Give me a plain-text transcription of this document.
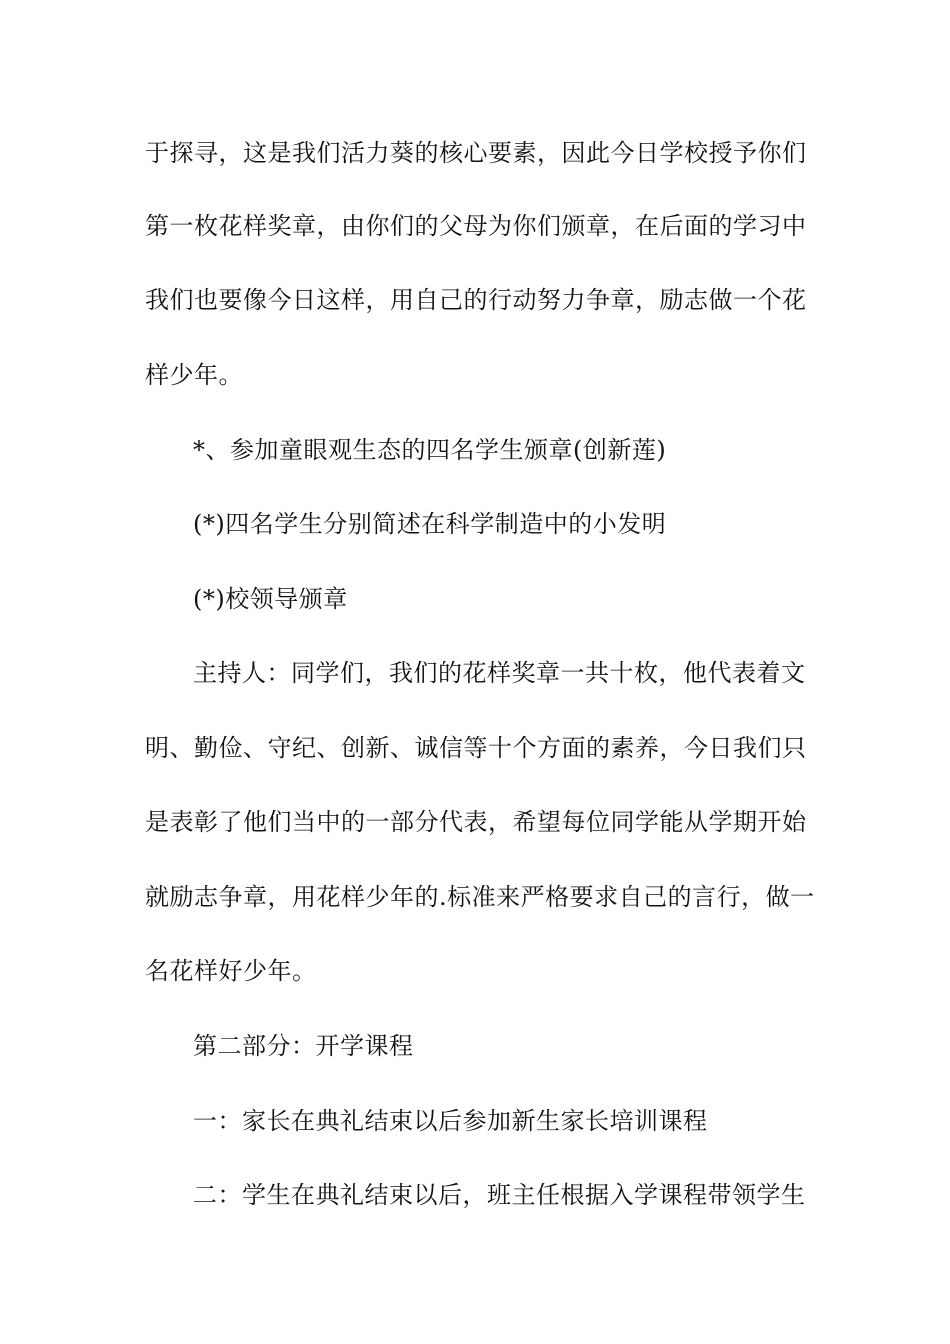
于探寻，这是我们活力葵的核心要素，因此今日学校授予你们
第一枚花样奖章，由你们的父母为你们颁章，在后面的学习中
我们也要像今日这样，用自己的行动努力争章，励志做一个花
样少年。
*、参加童眼观生态的四名学生颁章(创新莲)
(*)四名学生分别简述在科学制造中的小发明
(*)校领导颁章
主持人：同学们，我们的花样奖章一共十枚，他代表着文
明、勤俭、守纪、创新、诚信等十个方面的素养，今日我们只
是表彰了他们当中的一部分代表，希望每位同学能从学期开始
就励志争章，用花样少年的.标准来严格要求自己的言行，做一
名花样好少年。
第二部分：开学课程
一：家长在典礼结束以后参加新生家长培训课程
二：学生在典礼结束以后，班主任根据入学课程带领学生
